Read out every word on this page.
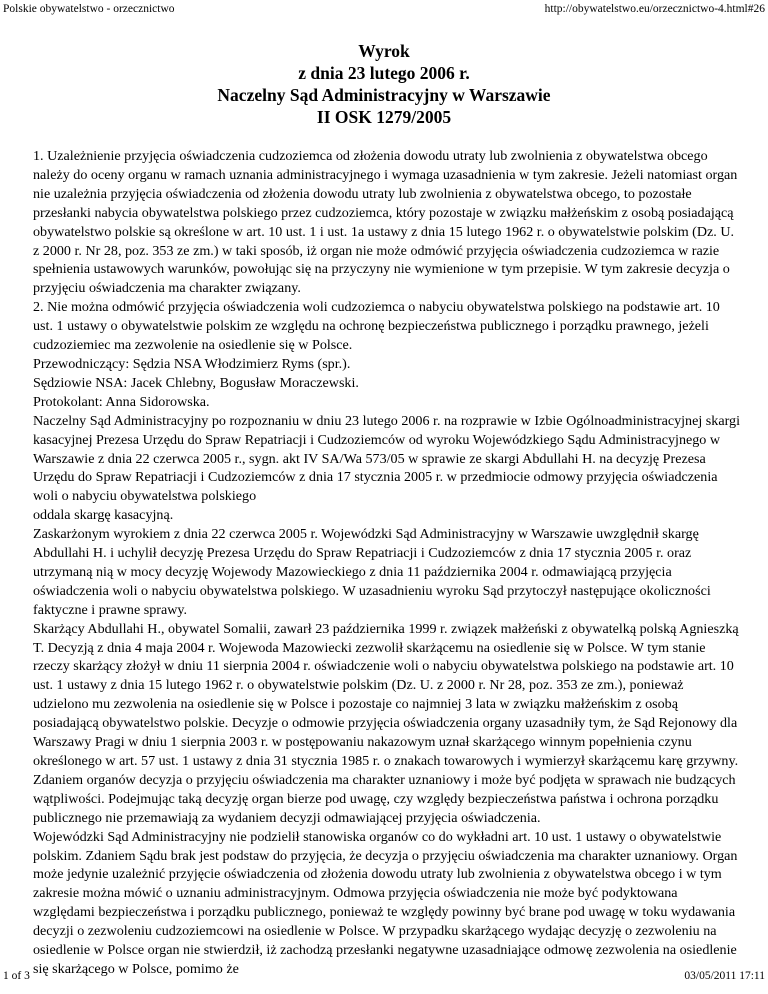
Polskie obywatelstwo - orzecznictwo	http://obywatelstwo.eu/orzecznictwo-4.html#26
Wyrok
z dnia 23 lutego 2006 r.
Naczelny Sąd Administracyjny w Warszawie
II OSK 1279/2005

1. Uzależnienie przyjęcia oświadczenia cudzoziemca od złożenia dowodu utraty lub zwolnienia z obywatelstwa obcego należy do oceny organu w ramach uznania administracyjnego i wymaga uzasadnienia w tym zakresie. Jeżeli natomiast organ nie uzależnia przyjęcia oświadczenia od złożenia dowodu utraty lub zwolnienia z obywatelstwa obcego, to pozostałe przesłanki nabycia obywatelstwa polskiego przez cudzoziemca, który pozostaje w związku małżeńskim z osobą posiadającą obywatelstwo polskie są określone w art. 10 ust. 1 i ust. 1a ustawy z dnia 15 lutego 1962 r. o obywatelstwie polskim (Dz. U. z 2000 r. Nr 28, poz. 353 ze zm.) w taki sposób, iż organ nie może odmówić przyjęcia oświadczenia cudzoziemca w razie spełnienia ustawowych warunków, powołując się na przyczyny nie wymienione w tym przepisie. W tym zakresie decyzja o przyjęciu oświadczenia ma charakter związany.

2. Nie można odmówić przyjęcia oświadczenia woli cudzoziemca o nabyciu obywatelstwa polskiego na podstawie art. 10 ust. 1 ustawy o obywatelstwie polskim ze względu na ochronę bezpieczeństwa publicznego i porządku prawnego, jeżeli cudzoziemiec ma zezwolenie na osiedlenie się w Polsce.

Przewodniczący: Sędzia NSA Włodzimierz Ryms (spr.).

Sędziowie NSA: Jacek Chlebny, Bogusław Moraczewski.

Protokolant: Anna Sidorowska.

Naczelny Sąd Administracyjny po rozpoznaniu w dniu 23 lutego 2006 r. na rozprawie w Izbie Ogólnoadministracyjnej skargi kasacyjnej Prezesa Urzędu do Spraw Repatriacji i Cudzoziemców od wyroku Wojewódzkiego Sądu Administracyjnego w Warszawie z dnia 22 czerwca 2005 r., sygn. akt IV SA/Wa 573/05 w sprawie ze skargi Abdullahi H. na decyzję Prezesa Urzędu do Spraw Repatriacji i Cudzoziemców z dnia 17 stycznia 2005 r. w przedmiocie odmowy przyjęcia oświadczenia woli o nabyciu obywatelstwa polskiego

oddala skargę kasacyjną.

Zaskarżonym wyrokiem z dnia 22 czerwca 2005 r. Wojewódzki Sąd Administracyjny w Warszawie uwzględnił skargę Abdullahi H. i uchylił decyzję Prezesa Urzędu do Spraw Repatriacji i Cudzoziemców z dnia 17 stycznia 2005 r. oraz utrzymaną nią w mocy decyzję Wojewody Mazowieckiego z dnia 11 października 2004 r. odmawiającą przyjęcia oświadczenia woli o nabyciu obywatelstwa polskiego. W uzasadnieniu wyroku Sąd przytoczył następujące okoliczności faktyczne i prawne sprawy.

Skarżący Abdullahi H., obywatel Somalii, zawarł 23 października 1999 r. związek małżeński z obywatelką polską Agnieszką T. Decyzją z dnia 4 maja 2004 r. Wojewoda Mazowiecki zezwolił skarżącemu na osiedlenie się w Polsce. W tym stanie rzeczy skarżący złożył w dniu 11 sierpnia 2004 r. oświadczenie woli o nabyciu obywatelstwa polskiego na podstawie art. 10 ust. 1 ustawy z dnia 15 lutego 1962 r. o obywatelstwie polskim (Dz. U. z 2000 r. Nr 28, poz. 353 ze zm.), ponieważ udzielono mu zezwolenia na osiedlenie się w Polsce i pozostaje co najmniej 3 lata w związku małżeńskim z osobą posiadającą obywatelstwo polskie. Decyzje o odmowie przyjęcia oświadczenia organy uzasadniły tym, że Sąd Rejonowy dla Warszawy Pragi w dniu 1 sierpnia 2003 r. w postępowaniu nakazowym uznał skarżącego winnym popełnienia czynu określonego w art. 57 ust. 1 ustawy z dnia 31 stycznia 1985 r. o znakach towarowych i wymierzył skarżącemu karę grzywny. Zdaniem organów decyzja o przyjęciu oświadczenia ma charakter uznaniowy i może być podjęta w sprawach nie budzących wątpliwości. Podejmując taką decyzję organ bierze pod uwagę, czy względy bezpieczeństwa państwa i ochrona porządku publicznego nie przemawiają za wydaniem decyzji odmawiającej przyjęcia oświadczenia.

Wojewódzki Sąd Administracyjny nie podzielił stanowiska organów co do wykładni art. 10 ust. 1 ustawy o obywatelstwie polskim. Zdaniem Sądu brak jest podstaw do przyjęcia, że decyzja o przyjęciu oświadczenia ma charakter uznaniowy. Organ może jedynie uzależnić przyjęcie oświadczenia od złożenia dowodu utraty lub zwolnienia z obywatelstwa obcego i w tym zakresie można mówić o uznaniu administracyjnym. Odmowa przyjęcia oświadczenia nie może być podyktowana względami bezpieczeństwa i porządku publicznego, ponieważ te względy powinny być brane pod uwagę w toku wydawania decyzji o zezwoleniu cudzoziemcowi na osiedlenie w Polsce. W przypadku skarżącego wydając decyzję o zezwoleniu na osiedlenie w Polsce organ nie stwierdził, iż zachodzą przesłanki negatywne uzasadniające odmowę zezwolenia na osiedlenie się skarżącego w Polsce, pomimo że

1 of 3	03/05/2011 17:11
